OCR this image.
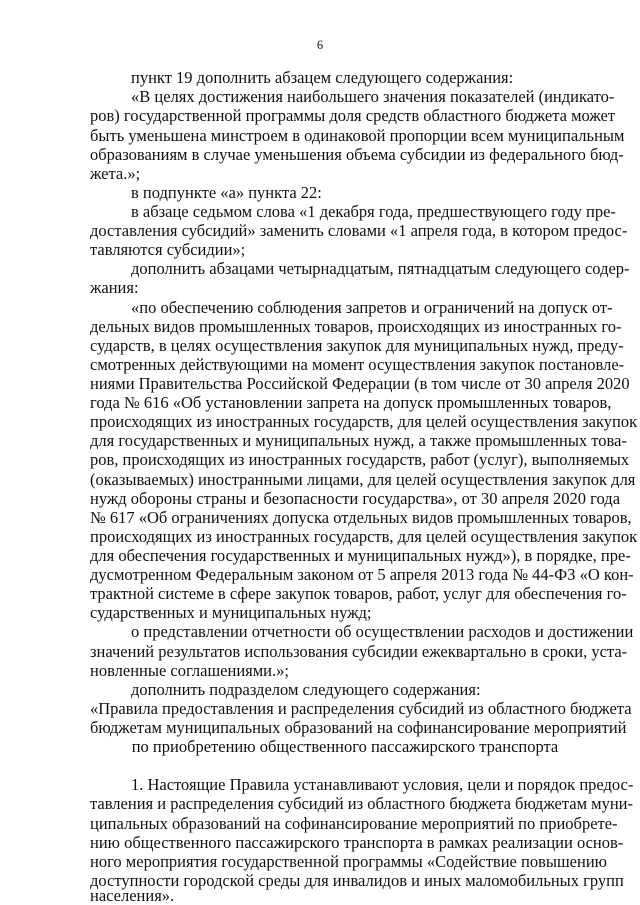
6
пункт 19 дополнить абзацем следующего содержания:
«В целях достижения наибольшего значения показателей (индикато-
ров) государственной программы доля средств областного бюджета может
быть уменьшена минстроем в одинаковой пропорции всем муниципальным
образованиям в случае уменьшения объема субсидии из федерального бюд-
жета.»;
в подпункте «а» пункта 22:
в абзаце седьмом слова «1 декабря года, предшествующего году пре-
доставления субсидий» заменить словами «1 апреля года, в котором предос-
тавляются субсидии»;
дополнить абзацами четырнадцатым, пятнадцатым следующего содер-
жания:
«по обеспечению соблюдения запретов и ограничений на допуск от-
дельных видов промышленных товаров, происходящих из иностранных го-
сударств, в целях осуществления закупок для муниципальных нужд, преду-
смотренных действующими на момент осуществления закупок постановле-
ниями Правительства Российской Федерации (в том числе от 30 апреля 2020
года № 616 «Об установлении запрета на допуск промышленных товаров,
происходящих из иностранных государств, для целей осуществления закупок
для государственных и муниципальных нужд, а также промышленных това-
ров, происходящих из иностранных государств, работ (услуг), выполняемых
(оказываемых) иностранными лицами, для целей осуществления закупок для
нужд обороны страны и безопасности государства», от 30 апреля 2020 года
№ 617 «Об ограничениях допуска отдельных видов промышленных товаров,
происходящих из иностранных государств, для целей осуществления закупок
для обеспечения государственных и муниципальных нужд»), в порядке, пре-
дусмотренном Федеральным законом от 5 апреля 2013 года № 44-ФЗ «О кон-
трактной системе в сфере закупок товаров, работ, услуг для обеспечения го-
сударственных и муниципальных нужд;
о представлении отчетности об осуществлении расходов и достижении
значений результатов использования субсидии ежеквартально в сроки, уста-
новленные соглашениями.»;
дополнить подразделом следующего содержания:
«Правила предоставления и распределения субсидий из областного бюджета
бюджетам муниципальных образований на софинансирование мероприятий
по приобретению общественного пассажирского транспорта
1. Настоящие Правила устанавливают условия, цели и порядок предос-
тавления и распределения субсидий из областного бюджета бюджетам муни-
ципальных образований на софинансирование мероприятий по приобрете-
нию общественного пассажирского транспорта в рамках реализации основ-
ного мероприятия государственной программы «Содействие повышению
доступности городской среды для инвалидов и иных маломобильных групп
населения».
